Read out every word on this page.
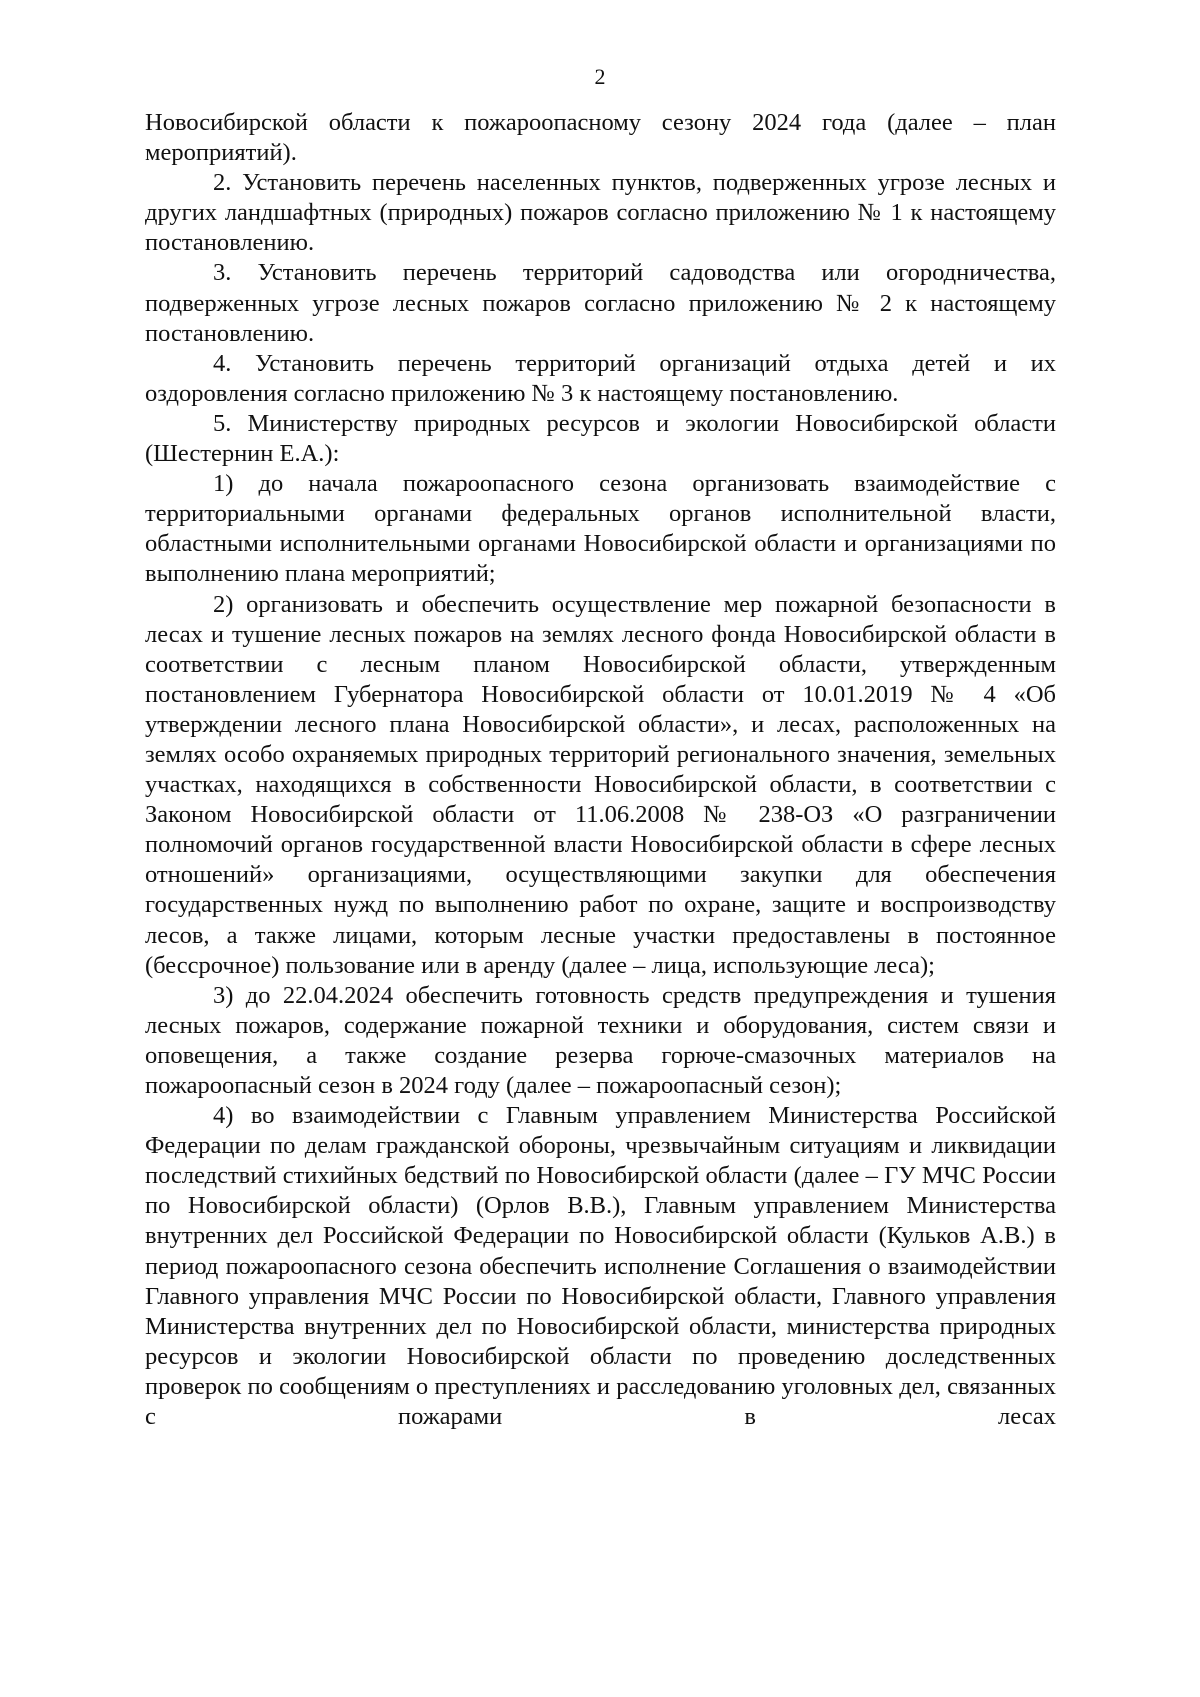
2

Новосибирской области к пожароопасному сезону 2024 года (далее – план мероприятий).

2. Установить перечень населенных пунктов, подверженных угрозе лесных и других ландшафтных (природных) пожаров согласно приложению № 1 к настоящему постановлению.

3. Установить перечень территорий садоводства или огородничества, подверженных угрозе лесных пожаров согласно приложению № 2 к настоящему постановлению.

4. Установить перечень территорий организаций отдыха детей и их оздоровления согласно приложению № 3 к настоящему постановлению.

5. Министерству природных ресурсов и экологии Новосибирской области (Шестернин Е.А.):

1) до начала пожароопасного сезона организовать взаимодействие с территориальными органами федеральных органов исполнительной власти, областными исполнительными органами Новосибирской области и организациями по выполнению плана мероприятий;

2) организовать и обеспечить осуществление мер пожарной безопасности в лесах и тушение лесных пожаров на землях лесного фонда Новосибирской области в соответствии с лесным планом Новосибирской области, утвержденным постановлением Губернатора Новосибирской области от 10.01.2019 № 4 «Об утверждении лесного плана Новосибирской области», и лесах, расположенных на землях особо охраняемых природных территорий регионального значения, земельных участках, находящихся в собственности Новосибирской области, в соответствии с Законом Новосибирской области от 11.06.2008 № 238-ОЗ «О разграничении полномочий органов государственной власти Новосибирской области в сфере лесных отношений» организациями, осуществляющими закупки для обеспечения государственных нужд по выполнению работ по охране, защите и воспроизводству лесов, а также лицами, которым лесные участки предоставлены в постоянное (бессрочное) пользование или в аренду (далее – лица, использующие леса);

3) до 22.04.2024 обеспечить готовность средств предупреждения и тушения лесных пожаров, содержание пожарной техники и оборудования, систем связи и оповещения, а также создание резерва горюче-смазочных материалов на пожароопасный сезон в 2024 году (далее – пожароопасный сезон);

4) во взаимодействии с Главным управлением Министерства Российской Федерации по делам гражданской обороны, чрезвычайным ситуациям и ликвидации последствий стихийных бедствий по Новосибирской области (далее – ГУ МЧС России по Новосибирской области) (Орлов В.В.), Главным управлением Министерства внутренних дел Российской Федерации по Новосибирской области (Кульков А.В.) в период пожароопасного сезона обеспечить исполнение Соглашения о взаимодействии Главного управления МЧС России по Новосибирской области, Главного управления Министерства внутренних дел по Новосибирской области, министерства природных ресурсов и экологии Новосибирской области по проведению доследственных проверок по сообщениям о преступлениях и расследованию уголовных дел, связанных с пожарами в лесах
